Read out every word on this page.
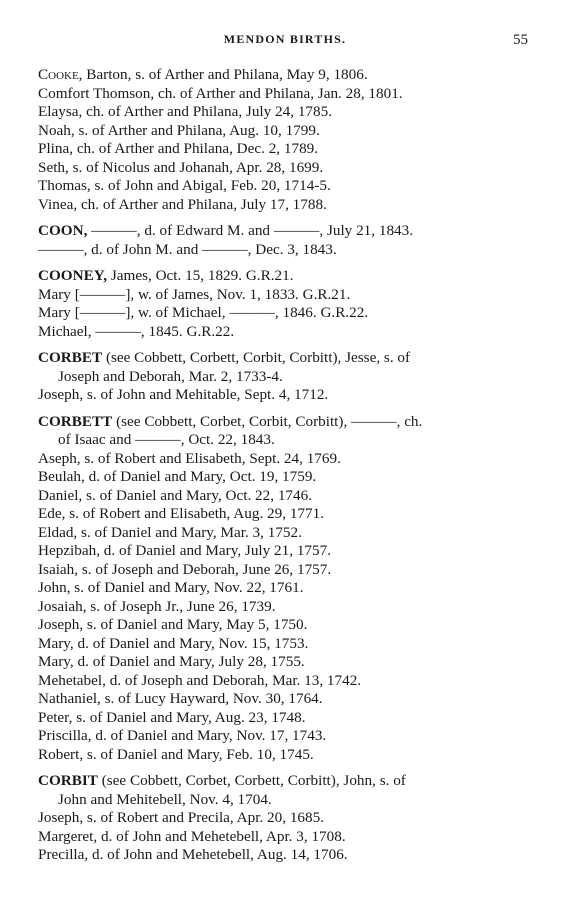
MENDON BIRTHS.	55
Cooke, Barton, s. of Arther and Philana, May 9, 1806.
Comfort Thomson, ch. of Arther and Philana, Jan. 28, 1801.
Elaysa, ch. of Arther and Philana, July 24, 1785.
Noah, s. of Arther and Philana, Aug. 10, 1799.
Plina, ch. of Arther and Philana, Dec. 2, 1789.
Seth, s. of Nicolus and Johanah, Apr. 28, 1699.
Thomas, s. of John and Abigal, Feb. 20, 1714-5.
Vinea, ch. of Arther and Philana, July 17, 1788.
COON, ———, d. of Edward M. and ———, July 21, 1843.
———, d. of John M. and ———, Dec. 3, 1843.
COONEY, James, Oct. 15, 1829. G.R.21.
Mary [———], w. of James, Nov. 1, 1833. G.R.21.
Mary [———], w. of Michael, ———, 1846. G.R.22.
Michael, ———, 1845. G.R.22.
CORBET (see Cobbett, Corbett, Corbit, Corbitt), Jesse, s. of
Joseph and Deborah, Mar. 2, 1733-4.
Joseph, s. of John and Mehitable, Sept. 4, 1712.
CORBETT (see Cobbett, Corbet, Corbit, Corbitt), ———, ch.
of Isaac and ———, Oct. 22, 1843.
Aseph, s. of Robert and Elisabeth, Sept. 24, 1769.
Beulah, d. of Daniel and Mary, Oct. 19, 1759.
Daniel, s. of Daniel and Mary, Oct. 22, 1746.
Ede, s. of Robert and Elisabeth, Aug. 29, 1771.
Eldad, s. of Daniel and Mary, Mar. 3, 1752.
Hepzibah, d. of Daniel and Mary, July 21, 1757.
Isaiah, s. of Joseph and Deborah, June 26, 1757.
John, s. of Daniel and Mary, Nov. 22, 1761.
Josaiah, s. of Joseph Jr., June 26, 1739.
Joseph, s. of Daniel and Mary, May 5, 1750.
Mary, d. of Daniel and Mary, Nov. 15, 1753.
Mary, d. of Daniel and Mary, July 28, 1755.
Mehetabel, d. of Joseph and Deborah, Mar. 13, 1742.
Nathaniel, s. of Lucy Hayward, Nov. 30, 1764.
Peter, s. of Daniel and Mary, Aug. 23, 1748.
Priscilla, d. of Daniel and Mary, Nov. 17, 1743.
Robert, s. of Daniel and Mary, Feb. 10, 1745.
CORBIT (see Cobbett, Corbet, Corbett, Corbitt), John, s. of
John and Mehitebell, Nov. 4, 1704.
Joseph, s. of Robert and Precila, Apr. 20, 1685.
Margeret, d. of John and Mehetebell, Apr. 3, 1708.
Precilla, d. of John and Mehetebell, Aug. 14, 1706.
